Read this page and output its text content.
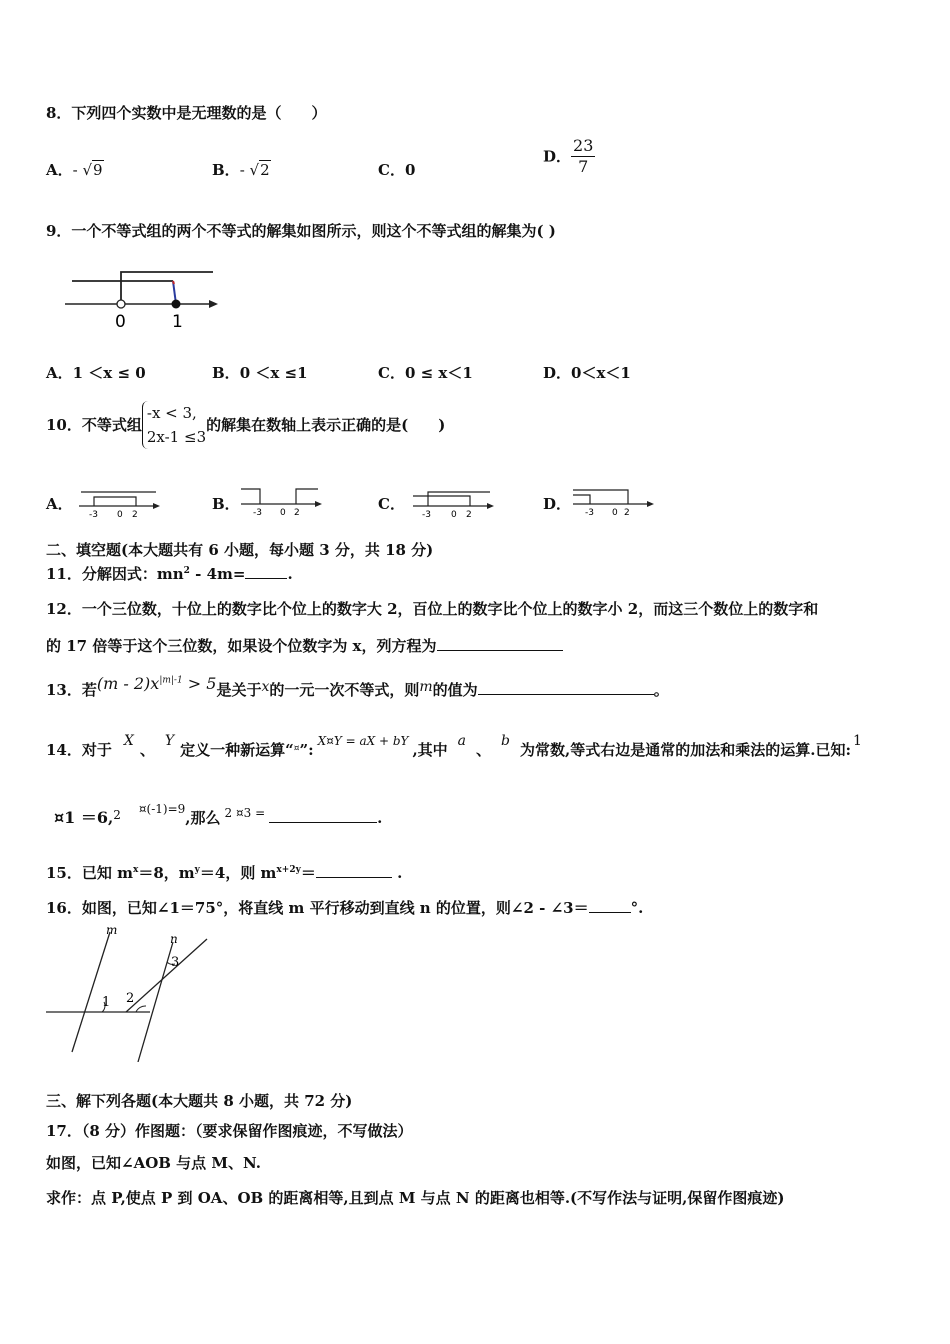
8．下列四个实数中是无理数的是（　　）
A．- √9	B．- √2	C．0
D． $\frac{23}{7}$
9．一个不等式组的两个不等式的解集如图所示，则这个不等式组的解集为( )
0	1
A．1 ＜x ≤ 0	B．0 ＜x ≤1	C．0 ≤ x＜1	D．0＜x＜1
10．不等式组
-x < 3,
2x-1 ≤3
的解集在数轴上表示正确的是(　　)
A．
-3 0 2
B． -3 0 2	C．
-3 0 2
D． -3 0 2
二、填空题(本大题共有 6 小题，每小题 3 分，共 18 分)
11．分解因式：$mn^2 - 4m=$	.
12．一个三位数，十位上的数字比个位上的数字大 2，百位上的数字比个位上的数字小 2，而这三个数位上的数字和
的 17 倍等于这个三位数，如果设个位数字为 x，列方程为
13．若$(m - 2)x^{|m|-1} > 5$是关于x的一元一次不等式，则m的值为	。
14．对于 X 、 Y 定义一种新运算“¤”: $^{X¤Y = aX + bY}$ ,其中 a 、 b 为常数,等式右边是通常的加法和乘法的运算.已知: 1
¤1 ＝6,$^2$ $^{¤(-1)=9}$,那么 $^{2 ¤3 =}$	.
15．已知 $m^x=8$，$m^y=4$，则 $m^{x+2y}=$	.
16．如图，已知∠1＝75°，将直线 m 平行移动到直线 n 的位置，则∠2 - ∠3＝	°.
m
n
1 2
3
三、解下列各题(本大题共 8 小题，共 72 分)
17．（8 分）作图题：（要求保留作图痕迹，不写做法）
如图，已知∠AOB 与点 M、N.
求作：点 P,使点 P 到 OA、OB 的距离相等,且到点 M 与点 N 的距离也相等.(不写作法与证明,保留作图痕迹)
